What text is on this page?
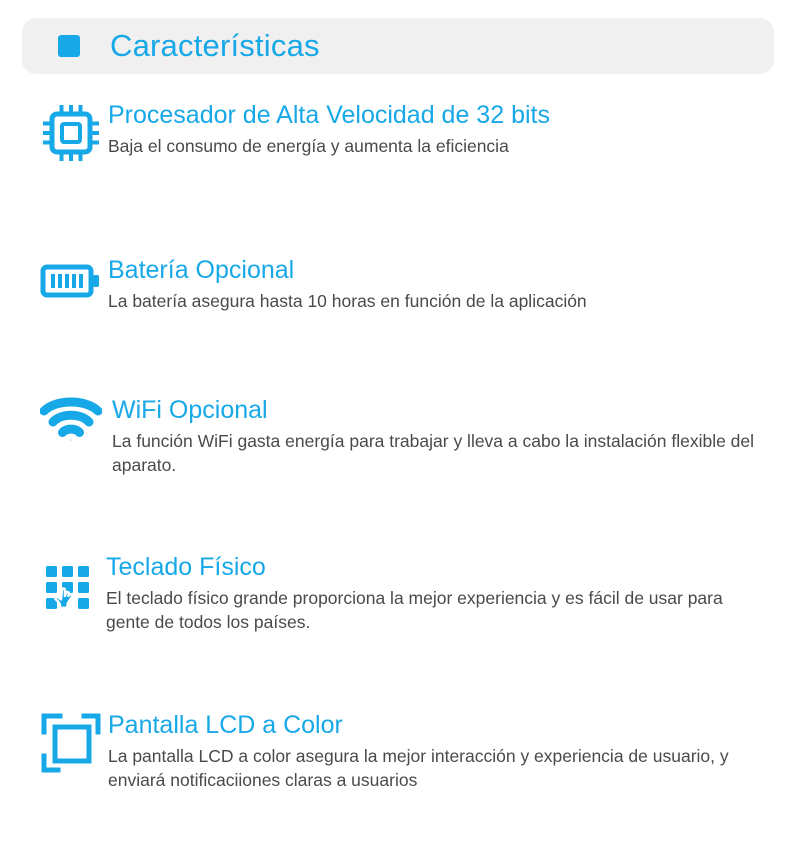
Características

Procesador de Alta Velocidad de 32 bits

Baja el consumo de energía y aumenta la eficiencia

Batería Opcional

La batería asegura hasta 10 horas en función de la aplicación

WiFi Opcional

La función WiFi gasta energía para trabajar y lleva a cabo la instalación flexible del aparato.

Teclado Físico

El teclado físico grande proporciona la mejor experiencia y es fácil de usar para gente de todos los países.

Pantalla LCD a Color

La pantalla LCD a color asegura la mejor interacción y experiencia de usuario, y enviará notificaciiones claras a usuarios
